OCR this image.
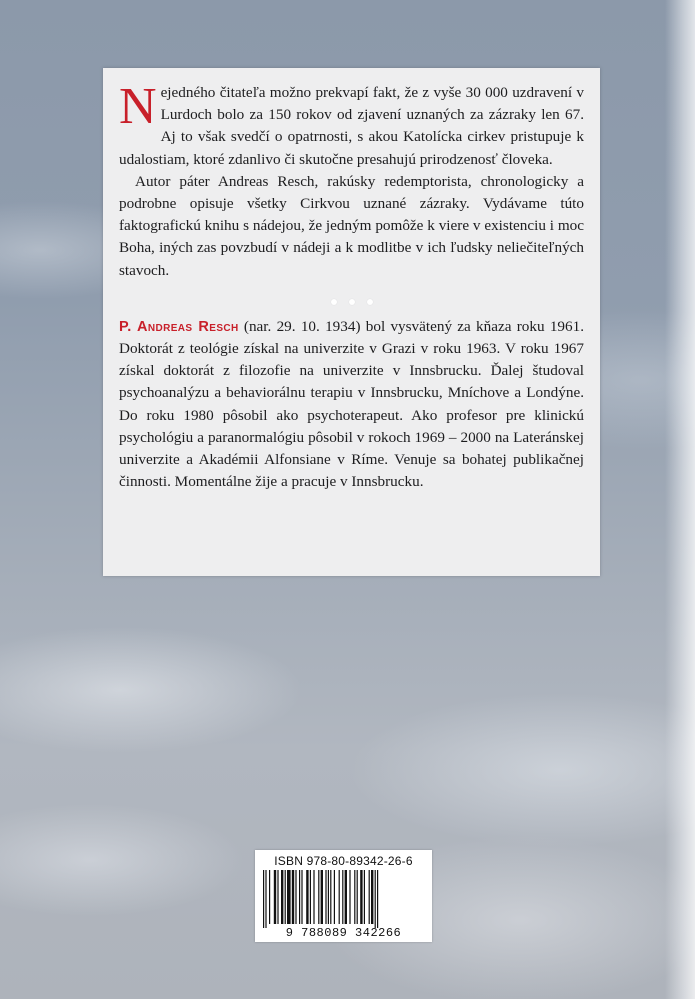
Nejedného čitateľa možno prekvapí fakt, že z vyše 30 000 uzdravení v Lurdoch bolo za 150 rokov od zjavení uznaných za zázraky len 67. Aj to však svedčí o opatrnosti, s akou Katolícka cirkev pristupuje k udalostiam, ktoré zdanlivo či skutočne presahujú prirodzenosť človeka.

Autor páter Andreas Resch, rakúsky redemptorista, chronologicky a podrobne opisuje všetky Cirkvou uznané zázraky. Vydávame túto faktografickú knihu s nádejou, že jedným pomôže k viere v existenciu i moc Boha, iných zas povzbudí v nádeji a k modlitbe v ich ľudsky neliečiteľných stavoch.

P. Andreas Resch (nar. 29. 10. 1934) bol vysvätený za kňaza roku 1961. Doktorát z teológie získal na univerzite v Grazi v roku 1963. V roku 1967 získal doktorát z filozofie na univerzite v Innsbrucku. Ďalej študoval psychoanalýzu a behaviorálnu terapiu v Innsbrucku, Mníchove a Londýne. Do roku 1980 pôsobil ako psychoterapeut. Ako profesor pre klinickú psychológiu a paranormalógiu pôsobil v rokoch 1969 – 2000 na Lateránskej univerzite a Akadémii Alfonsiane v Ríme. Venuje sa bohatej publikačnej činnosti. Momentálne žije a pracuje v Innsbrucku.

ISBN 978-80-89342-26-6
9 788089 342266
